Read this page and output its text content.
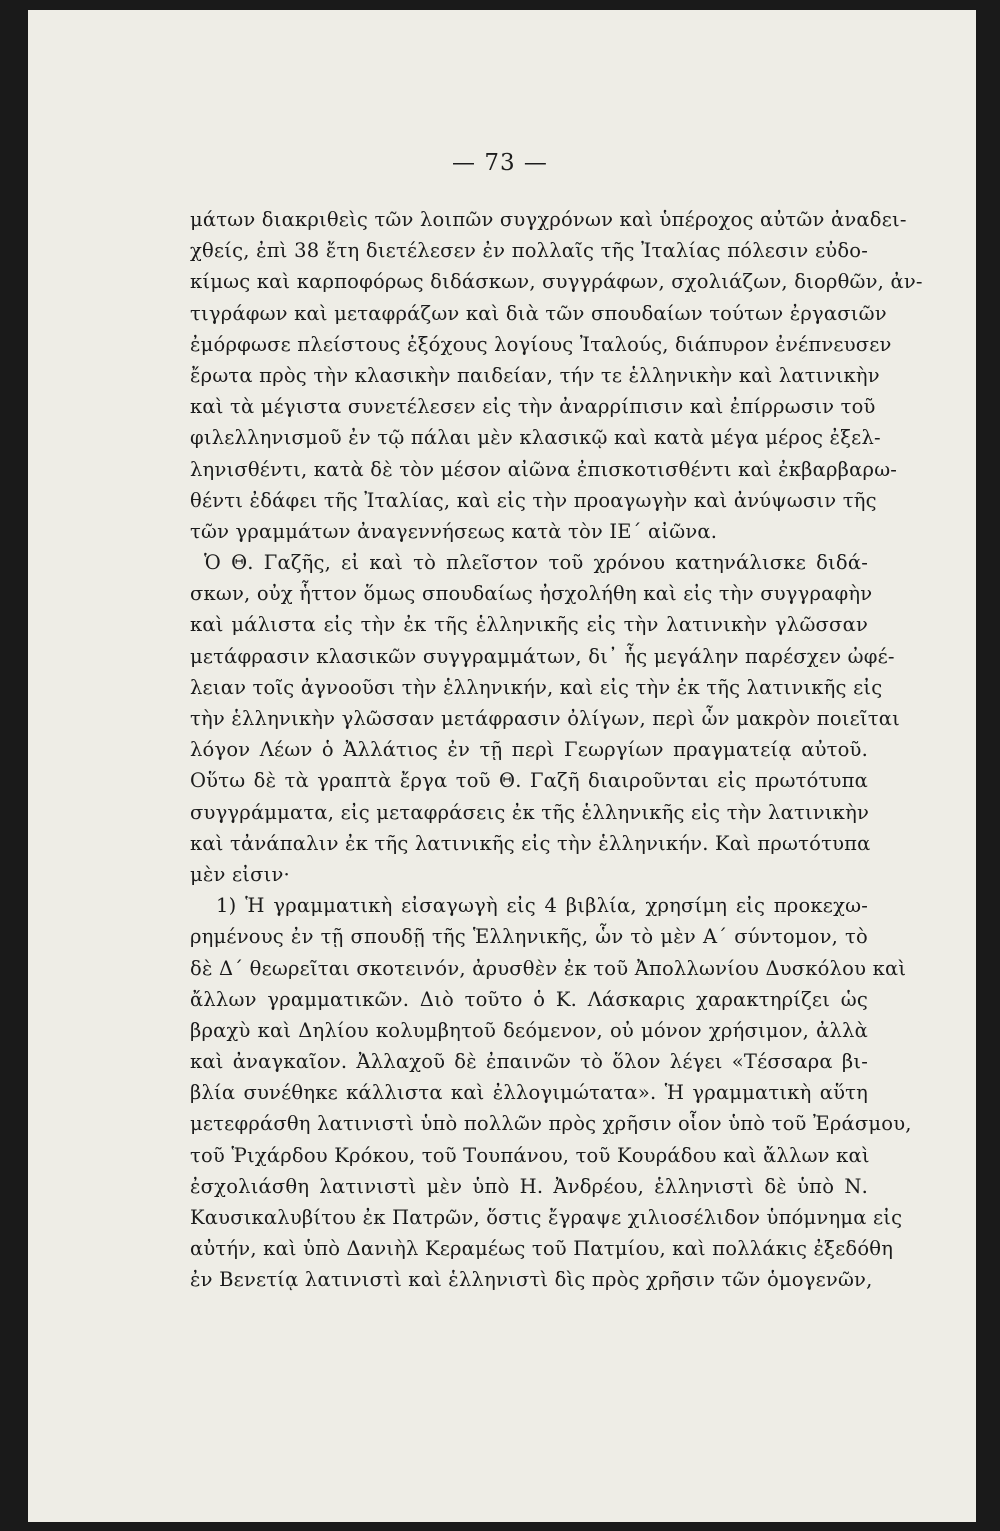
— 73 —
μάτων διακριθεὶς τῶν λοιπῶν συγχρόνων καὶ ὑπέροχος αὐτῶν ἀναδει-
χθείς, ἐπὶ 38 ἔτη διετέλεσεν ἐν πολλαῖς τῆς Ἰταλίας πόλεσιν εὐδο-
κίμως καὶ καρποφόρως διδάσκων, συγγράφων, σχολιάζων, διορθῶν, ἀν-
τιγράφων καὶ μεταφράζων καὶ διὰ τῶν σπουδαίων τούτων ἐργασιῶν
ἐμόρφωσε πλείστους ἐξόχους λογίους Ἰταλούς, διάπυρον ἐνέπνευσεν
ἔρωτα πρὸς τὴν κλασικὴν παιδείαν, τήν τε ἑλληνικὴν καὶ λατινικὴν
καὶ τὰ μέγιστα συνετέλεσεν εἰς τὴν ἀναρρίπισιν καὶ ἐπίρρωσιν τοῦ
φιλελληνισμοῦ ἐν τῷ πάλαι μὲν κλασικῷ καὶ κατὰ μέγα μέρος ἐξελ-
ληνισθέντι, κατὰ δὲ τὸν μέσον αἰῶνα ἐπισκοτισθέντι καὶ ἐκβαρβαρω-
θέντι ἐδάφει τῆς Ἰταλίας, καὶ εἰς τὴν προαγωγὴν καὶ ἀνύψωσιν τῆς
τῶν γραμμάτων ἀναγεννήσεως κατὰ τὸν ΙΕ΄ αἰῶνα.
Ὁ Θ. Γαζῆς, εἰ καὶ τὸ πλεῖστον τοῦ χρόνου κατηνάλισκε διδά-
σκων, οὐχ ἧττον ὅμως σπουδαίως ἠσχολήθη καὶ εἰς τὴν συγγραφὴν
καὶ μάλιστα εἰς τὴν ἐκ τῆς ἑλληνικῆς εἰς τὴν λατινικὴν γλῶσσαν
μετάφρασιν κλασικῶν συγγραμμάτων, δι᾽ ἧς μεγάλην παρέσχεν ὠφέ-
λειαν τοῖς ἀγνοοῦσι τὴν ἑλληνικήν, καὶ εἰς τὴν ἐκ τῆς λατινικῆς εἰς
τὴν ἑλληνικὴν γλῶσσαν μετάφρασιν ὀλίγων, περὶ ὧν μακρὸν ποιεῖται
λόγον Λέων ὁ Ἀλλάτιος ἐν τῇ περὶ Γεωργίων πραγματείᾳ αὐτοῦ.
Οὕτω δὲ τὰ γραπτὰ ἔργα τοῦ Θ. Γαζῆ διαιροῦνται εἰς πρωτότυπα
συγγράμματα, εἰς μεταφράσεις ἐκ τῆς ἑλληνικῆς εἰς τὴν λατινικὴν
καὶ τἀνάπαλιν ἐκ τῆς λατινικῆς εἰς τὴν ἑλληνικήν. Καὶ πρωτότυπα
μὲν εἰσιν·
1) Ἡ γραμματικὴ εἰσαγωγὴ εἰς 4 βιβλία, χρησίμη εἰς προκεχω-
ρημένους ἐν τῇ σπουδῇ τῆς Ἑλληνικῆς, ὧν τὸ μὲν Α΄ σύντομον, τὸ
δὲ Δ΄ θεωρεῖται σκοτεινόν, ἀρυσθὲν ἐκ τοῦ Ἀπολλωνίου Δυσκόλου καὶ
ἄλλων γραμματικῶν. Διὸ τοῦτο ὁ Κ. Λάσκαρις χαρακτηρίζει ὡς
βραχὺ καὶ Δηλίου κολυμβητοῦ δεόμενον, οὐ μόνον χρήσιμον, ἀλλὰ
καὶ ἀναγκαῖον. Ἀλλαχοῦ δὲ ἐπαινῶν τὸ ὅλον λέγει «Τέσσαρα βι-
βλία συνέθηκε κάλλιστα καὶ ἐλλογιμώτατα». Ἡ γραμματικὴ αὕτη
μετεφράσθη λατινιστὶ ὑπὸ πολλῶν πρὸς χρῆσιν οἷον ὑπὸ τοῦ Ἐράσμου,
τοῦ Ῥιχάρδου Κρόκου, τοῦ Τουπάνου, τοῦ Κουράδου καὶ ἄλλων καὶ
ἐσχολιάσθη λατινιστὶ μὲν ὑπὸ Η. Ἀνδρέου, ἑλληνιστὶ δὲ ὑπὸ Ν.
Καυσικαλυβίτου ἐκ Πατρῶν, ὅστις ἔγραψε χιλιοσέλιδον ὑπόμνημα εἰς
αὐτήν, καὶ ὑπὸ Δανιὴλ Κεραμέως τοῦ Πατμίου, καὶ πολλάκις ἐξεδόθη
ἐν Βενετίᾳ λατινιστὶ καὶ ἑλληνιστὶ δὶς πρὸς χρῆσιν τῶν ὁμογενῶν,
